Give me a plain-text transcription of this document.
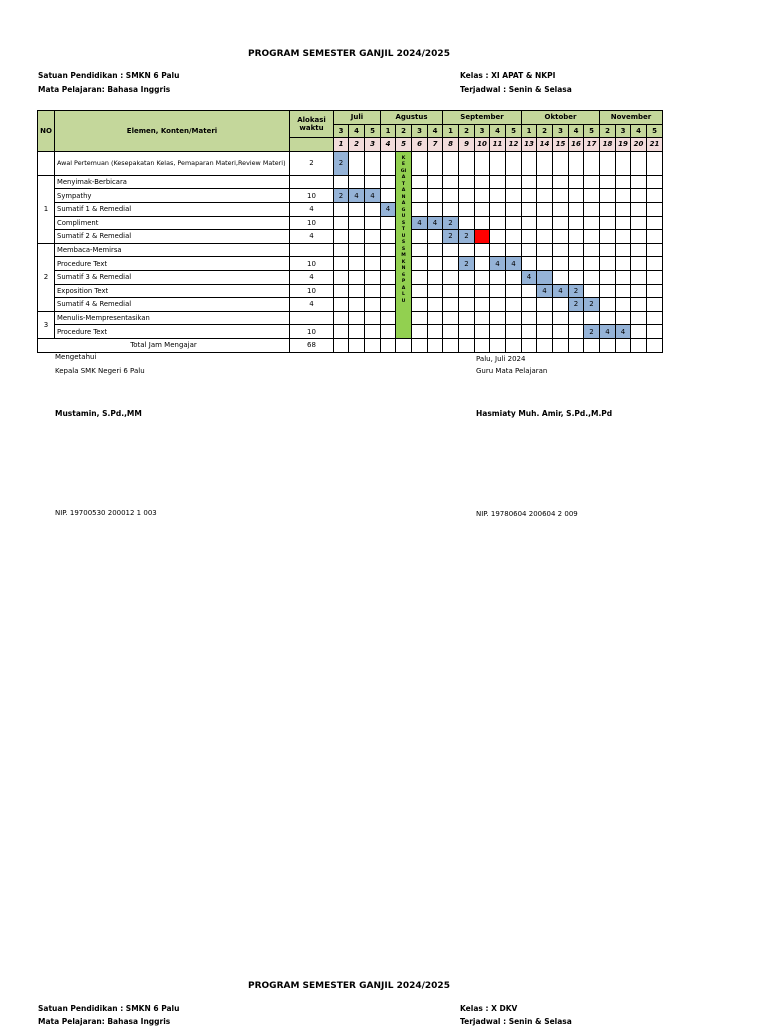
PROGRAM SEMESTER GANJIL 2024/2025
Satuan Pendidikan : SMKN 6 Palu
Mata Pelajaran: Bahasa Inggris
Kelas : XI APAT & NKPI
Terjadwal : Senin & Selasa
NO	Elemen, Konten/Materi	Alokasi waktu	Juli			Agustus				September					Oktober					November			
			3	4	5	1	2	3	4	1	2	3	4	5	1	2	3	4	5	2	3	4	5
			1	2	3	4	5	6	7	8	9	10	11	12	13	14	15	16	17	18	19	20	21
	Awal Pertemuan (Kesepakatan Kelas, Pemaparan Materi,Review Materi)	2	2				KEGIATAN AGUSTUS SMKN 6 PALU																

1	Menyimak-Berbicara																						
	Sympathy	10	2	4	4																		
	Sumatif 1 & Remedial	4				4																	
	Compliment	10						4	4	2													
	Sumatif 2 & Remedial	4								2	2												
2	Membaca-Memirsa																						
	Procedure Text	10									2		4	4									
	Sumatif 3 & Remedial	4													4								
	Exposition Text	10														4	4	2					
	Sumatif 4 & Remedial	4																2	2				
3	Menulis-Mempresentasikan																						
	Procedure Text	10																	2	4	4		
Total Jam Mengajar		68																					
Mengetahui
Kepala SMK Negeri 6 Palu
Mustamin, S.Pd.,MM
NIP. 19700530 200012 1 003
Palu, Juli 2024
Guru Mata Pelajaran
Hasmiaty Muh. Amir, S.Pd.,M.Pd
NIP. 19780604 200604 2 009
PROGRAM SEMESTER GANJIL 2024/2025
Satuan Pendidikan : SMKN 6 Palu
Mata Pelajaran: Bahasa Inggris
Kelas : X DKV
Terjadwal : Senin & Selasa
